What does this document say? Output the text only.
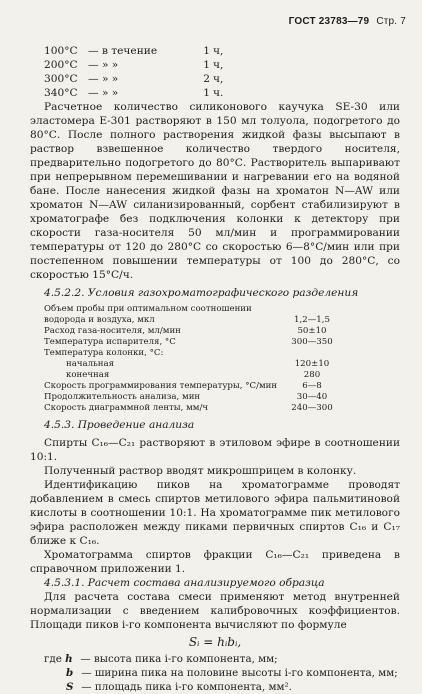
ГОСТ 23783—79 Стр. 7
100°C — в течение	1 ч,
200°C — » »	1 ч,
300°C — » »	2 ч,
340°C — » »	1 ч.

Расчетное количество силиконового каучука SE-30 или эластомера Е-301 растворяют в 150 мл толуола, подогретого до 80°С. После полного растворения жидкой фазы высыпают в раствор взвешенное количество твердого носителя, предварительно подогретого до 80°С. Растворитель выпаривают при непрерывном перемешивании и нагревании его на водяной бане. После нанесения жидкой фазы на хроматон N—AW или хроматон N—AW силанизированный, сорбент стабилизируют в хроматографе без подключения колонки к детектору при скорости газа-носителя 50 мл/мин и программировании температуры от 120 до 280°С со скоростью 6—8°С/мин или при постепенном повышении температуры от 100 до 280°С, со скоростью 15°С/ч.

4.5.2.2. Условия газохроматографического разделения
Объем пробы при оптимальном соотношении
водорода и воздуха, мкл	1,2—1,5
Расход газа-носителя, мл/мин	50±10
Температура испарителя, °С	300—350
Температура колонки, °С:
начальная	120±10
конечная	280
Скорость программирования температуры, °С/мин	6—8
Продолжительность анализа, мин	30—40
Скорость диаграммной ленты, мм/ч	240—300
4.5.3. Проведение анализа

Спирты С₁₆—С₂₁ растворяют в этиловом эфире в соотношении 10:1.

Полученный раствор вводят микрошприцем в колонку.

Идентификацию пиков на хроматограмме проводят добавлением в смесь спиртов метилового эфира пальмитиновой кислоты в соотношении 10:1. На хроматограмме пик метилового эфира расположен между пиками первичных спиртов С₁₆ и С₁₇ ближе к С₁₆.

Хроматограмма спиртов фракции С₁₆—С₂₁ приведена в справочном приложении 1.

4.5.3.1. Расчет состава анализируемого образца

Для расчета состава смеси применяют метод внутренней нормализации с введением калибровочных коэффициентов. Площади пиков i-го компонента вычисляют по формуле

Sᵢ = hᵢbᵢ,
где h — высота пика i-го компонента, мм;
b — ширина пика на половине высоты i-го компонента, мм;
S — площадь пика i-го компонента, мм².
